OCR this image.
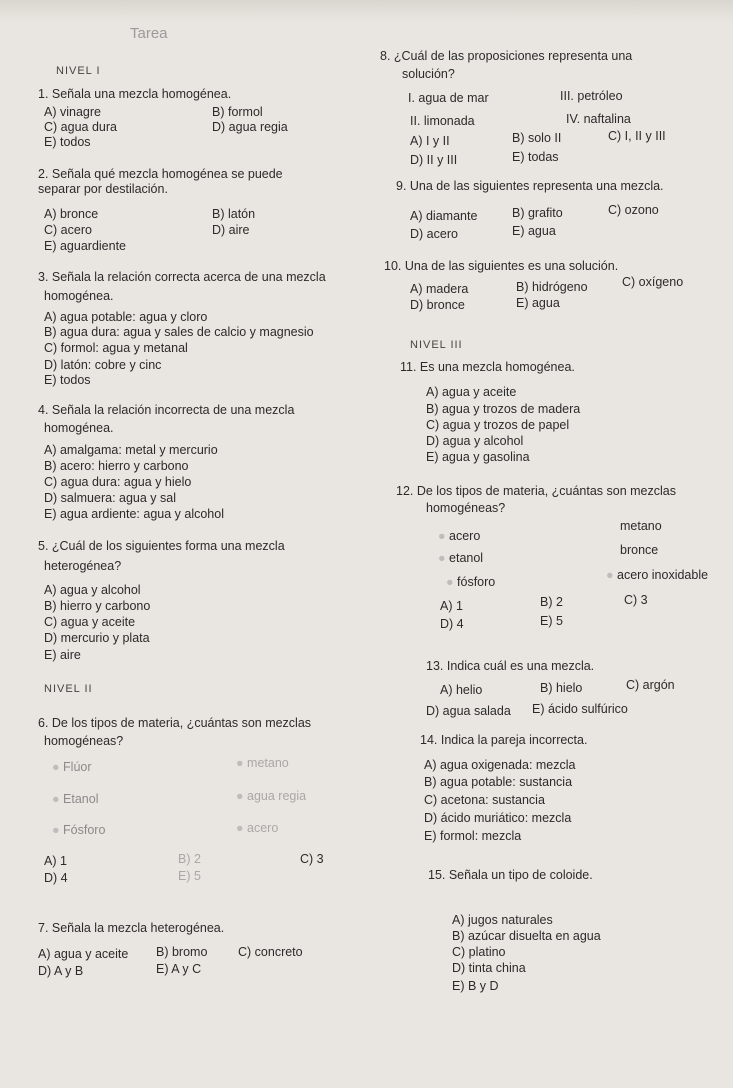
Tarea
NIVEL I
1. Señala una mezcla homogénea.
A) vinagre	B) formol
C) agua dura	D) agua regia
E) todos
2. Señala qué mezcla homogénea se puede
separar por destilación.
A) bronce	B) latón
C) acero	D) aire
E) aguardiente
3. Señala la relación correcta acerca de una mezcla
homogénea.
A) agua potable: agua y cloro
B) agua dura: agua y sales de calcio y magnesio
C) formol: agua y metanal
D) latón: cobre y cinc
E) todos
4. Señala la relación incorrecta de una mezcla
homogénea.
A) amalgama: metal y mercurio
B) acero: hierro y carbono
C) agua dura: agua y hielo
D) salmuera: agua y sal
E) agua ardiente: agua y alcohol
5. ¿Cuál de los siguientes forma una mezcla
heterogénea?
A) agua y alcohol
B) hierro y carbono
C) agua y aceite
D) mercurio y plata
E) aire
NIVEL II
6. De los tipos de materia, ¿cuántas son mezclas
homogéneas?
● Flúor	● metano
● Etanol	● agua regia
● Fósforo	● acero
A) 1	B) 2	C) 3
D) 4	E) 5
7. Señala la mezcla heterogénea.
A) agua y aceite B) bromo C) concreto
D) A y B	E) A y C
8. ¿Cuál de las proposiciones representa una
solución?
I. agua de mar	III. petróleo
II. limonada	IV. naftalina
A) I y II	B) solo II	C) I, II y III
D) II y III	E) todas
9. Una de las siguientes representa una mezcla.
A) diamante	B) grafito	C) ozono
D) acero	E) agua
10. Una de las siguientes es una solución.
A) madera	B) hidrógeno	C) oxígeno
D) bronce	E) agua
NIVEL III
11. Es una mezcla homogénea.
A) agua y aceite
B) agua y trozos de madera
C) agua y trozos de papel
D) agua y alcohol
E) agua y gasolina
12. De los tipos de materia, ¿cuántas son mezclas
homogéneas?
metano
● acero
bronce
● etanol
● fósforo	● acero inoxidable
A) 1	B) 2	C) 3
D) 4	E) 5
13. Indica cuál es una mezcla.
A) helio	B) hielo	C) argón
D) agua salada E) ácido sulfúrico
14. Indica la pareja incorrecta.
A) agua oxigenada: mezcla
B) agua potable: sustancia
C) acetona: sustancia
D) ácido muriático: mezcla
E) formol: mezcla
15. Señala un tipo de coloide.
A) jugos naturales
B) azúcar disuelta en agua
C) platino
D) tinta china
E) B y D
